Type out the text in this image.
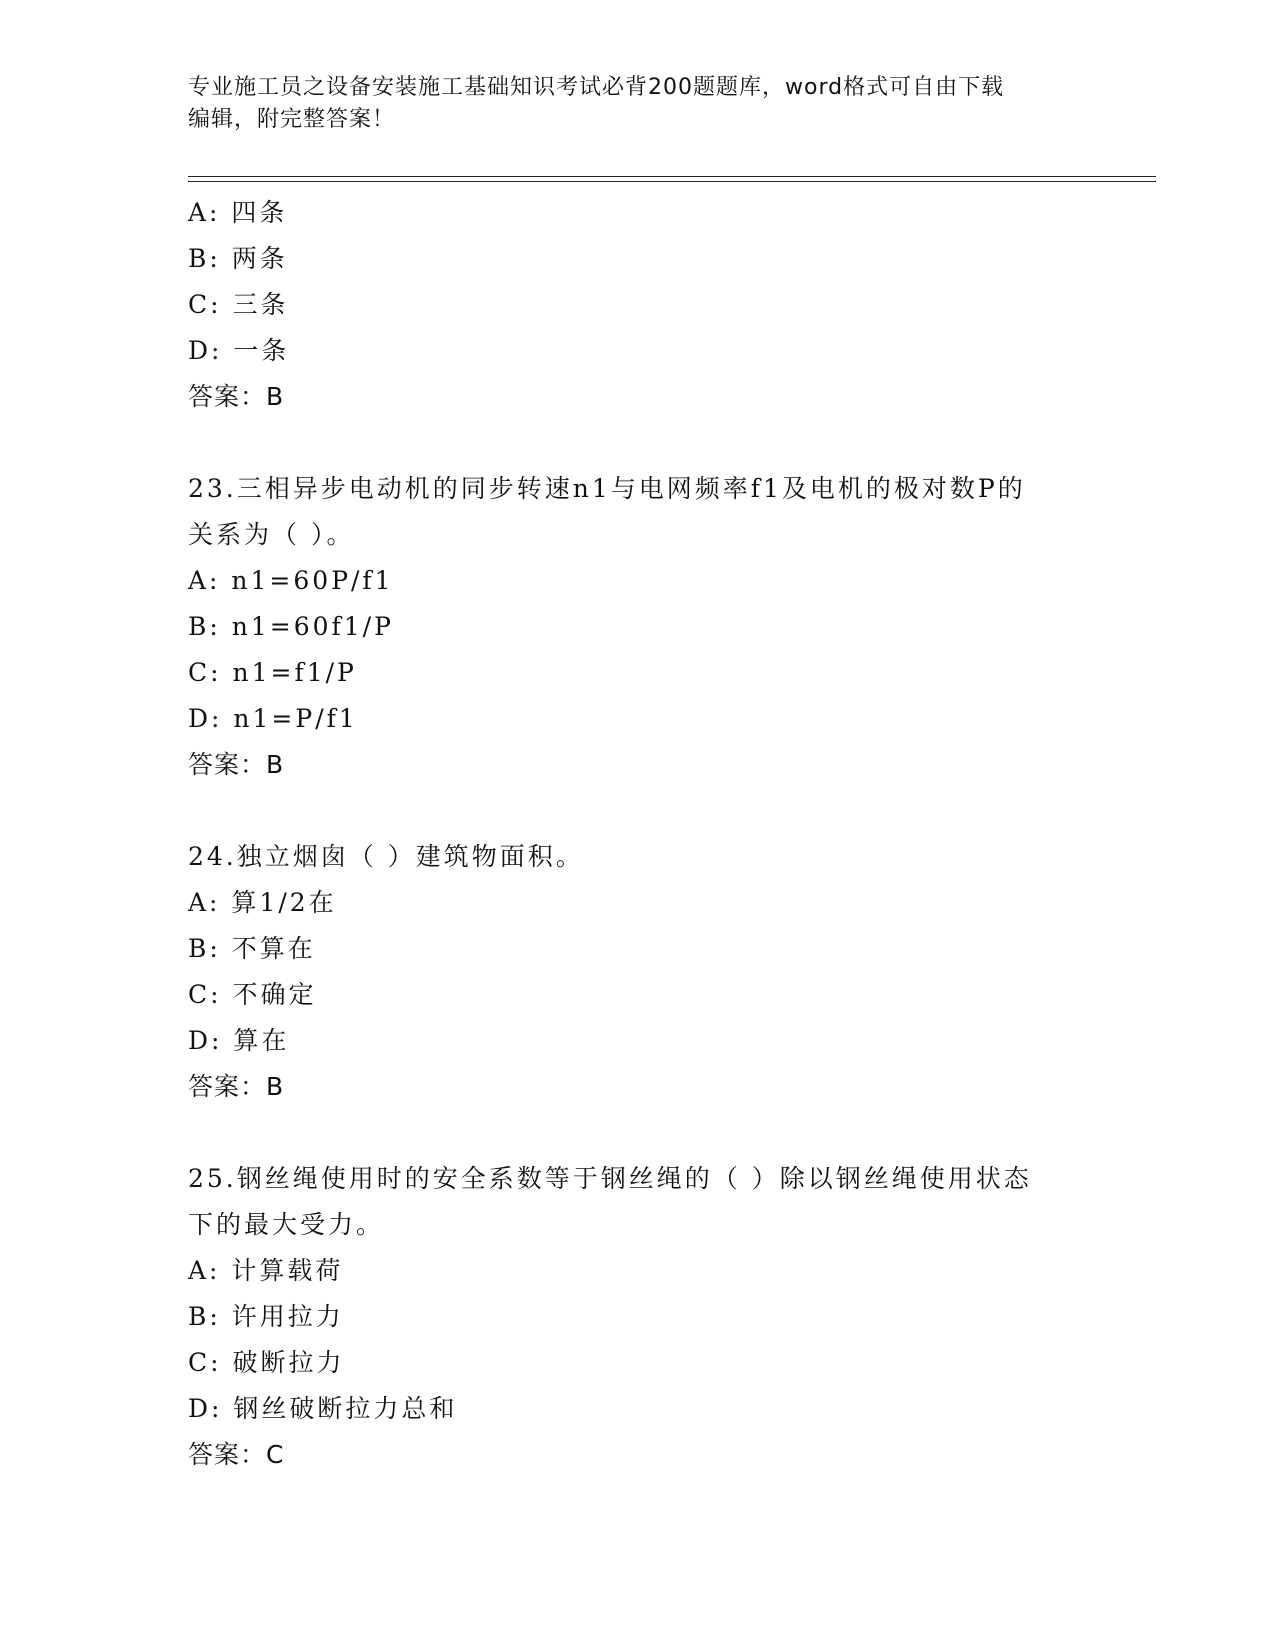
专业施工员之设备安装施工基础知识考试必背200题题库，word格式可自由下载
编辑，附完整答案！
A: 四条
B: 两条
C: 三条
D: 一条
答案：B
23.三相异步电动机的同步转速n1与电网频率f1及电机的极对数P的
关系为（ ）。
A: n1=60P/f1
B: n1=60f1/P
C: n1=f1/P
D: n1=P/f1
答案：B
24.独立烟囱（ ）建筑物面积。
A: 算1/2在
B: 不算在
C: 不确定
D: 算在
答案：B
25.钢丝绳使用时的安全系数等于钢丝绳的（ ）除以钢丝绳使用状态
下的最大受力。
A: 计算载荷
B: 许用拉力
C: 破断拉力
D: 钢丝破断拉力总和
答案：C
